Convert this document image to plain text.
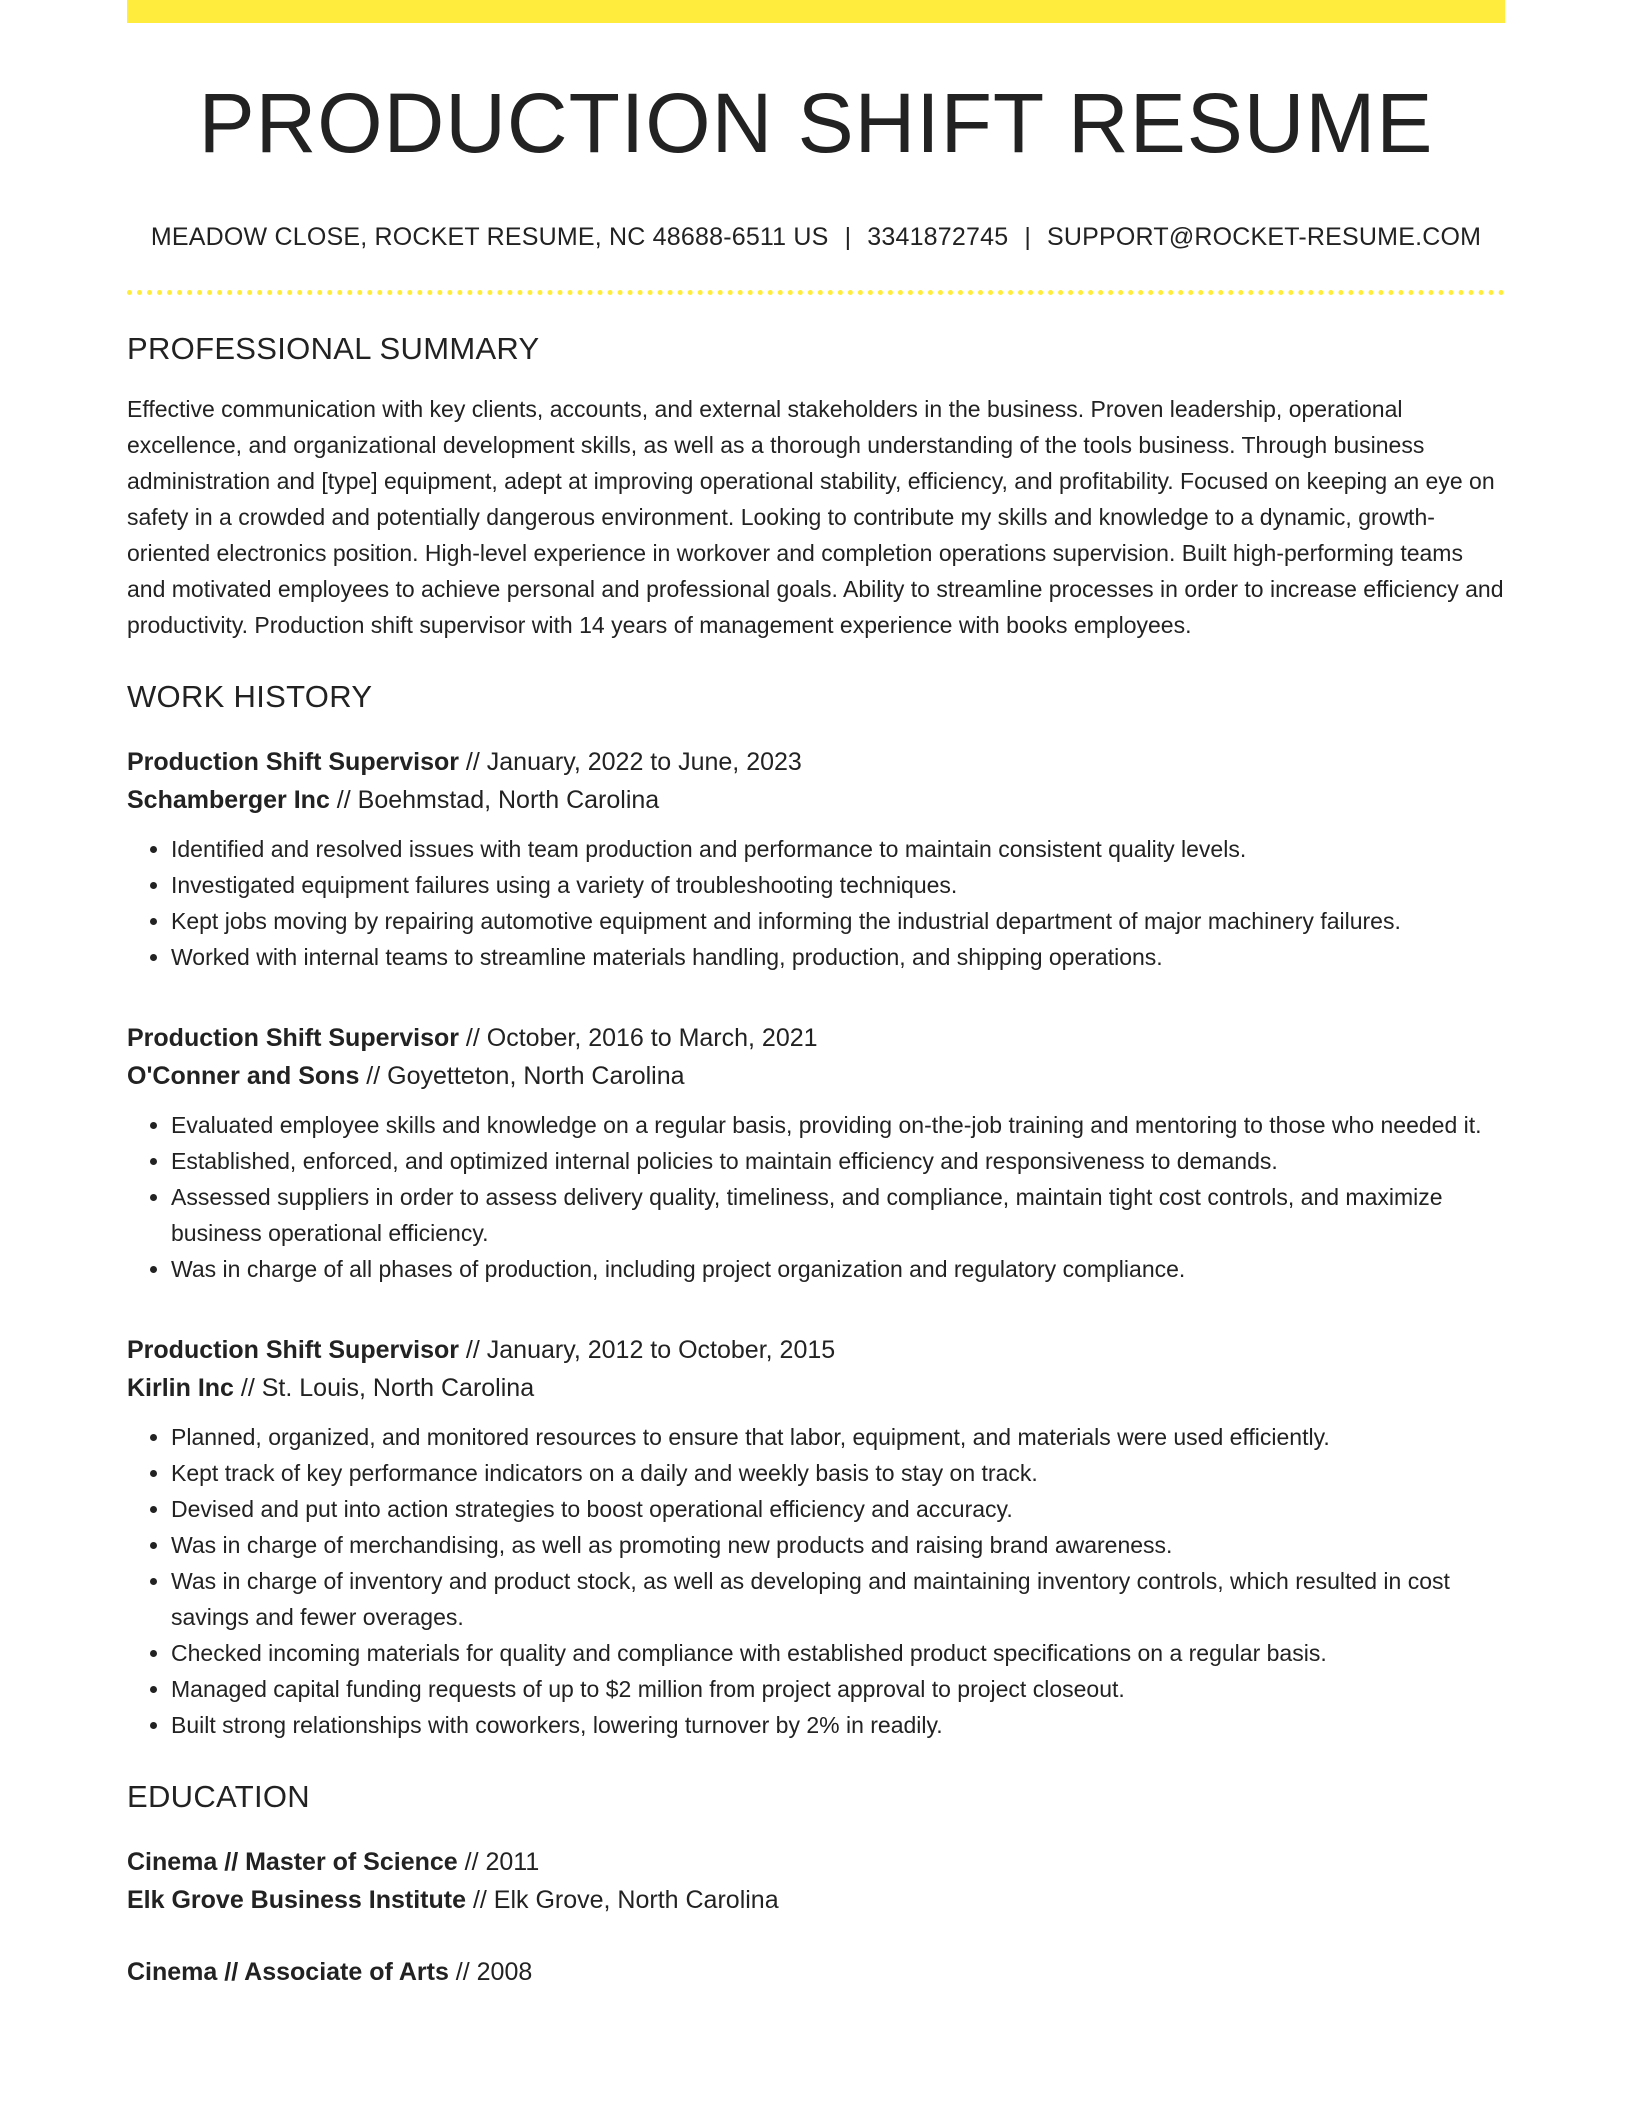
PRODUCTION SHIFT RESUME
MEADOW CLOSE, ROCKET RESUME, NC 48688-6511 US | 3341872745 | SUPPORT@ROCKET-RESUME.COM
PROFESSIONAL SUMMARY

Effective communication with key clients, accounts, and external stakeholders in the business. Proven leadership, operational excellence, and organizational development skills, as well as a thorough understanding of the tools business. Through business administration and [type] equipment, adept at improving operational stability, efficiency, and profitability. Focused on keeping an eye on safety in a crowded and potentially dangerous environment. Looking to contribute my skills and knowledge to a dynamic, growth-oriented electronics position. High-level experience in workover and completion operations supervision. Built high-performing teams and motivated employees to achieve personal and professional goals. Ability to streamline processes in order to increase efficiency and productivity. Production shift supervisor with 14 years of management experience with books employees.

WORK HISTORY
Production Shift Supervisor // January, 2022 to June, 2023
Schamberger Inc // Boehmstad, North Carolina
• Identified and resolved issues with team production and performance to maintain consistent quality levels.
• Investigated equipment failures using a variety of troubleshooting techniques.
• Kept jobs moving by repairing automotive equipment and informing the industrial department of major machinery failures.
• Worked with internal teams to streamline materials handling, production, and shipping operations.
Production Shift Supervisor // October, 2016 to March, 2021
O'Conner and Sons // Goyetteton, North Carolina
• Evaluated employee skills and knowledge on a regular basis, providing on-the-job training and mentoring to those who needed it.
• Established, enforced, and optimized internal policies to maintain efficiency and responsiveness to demands.
• Assessed suppliers in order to assess delivery quality, timeliness, and compliance, maintain tight cost controls, and maximize business operational efficiency.
• Was in charge of all phases of production, including project organization and regulatory compliance.
Production Shift Supervisor // January, 2012 to October, 2015
Kirlin Inc // St. Louis, North Carolina
• Planned, organized, and monitored resources to ensure that labor, equipment, and materials were used efficiently.
• Kept track of key performance indicators on a daily and weekly basis to stay on track.
• Devised and put into action strategies to boost operational efficiency and accuracy.
• Was in charge of merchandising, as well as promoting new products and raising brand awareness.
• Was in charge of inventory and product stock, as well as developing and maintaining inventory controls, which resulted in cost savings and fewer overages.
• Checked incoming materials for quality and compliance with established product specifications on a regular basis.
• Managed capital funding requests of up to $2 million from project approval to project closeout.
• Built strong relationships with coworkers, lowering turnover by 2% in readily.
EDUCATION
Cinema // Master of Science // 2011
Elk Grove Business Institute // Elk Grove, North Carolina
Cinema // Associate of Arts // 2008
